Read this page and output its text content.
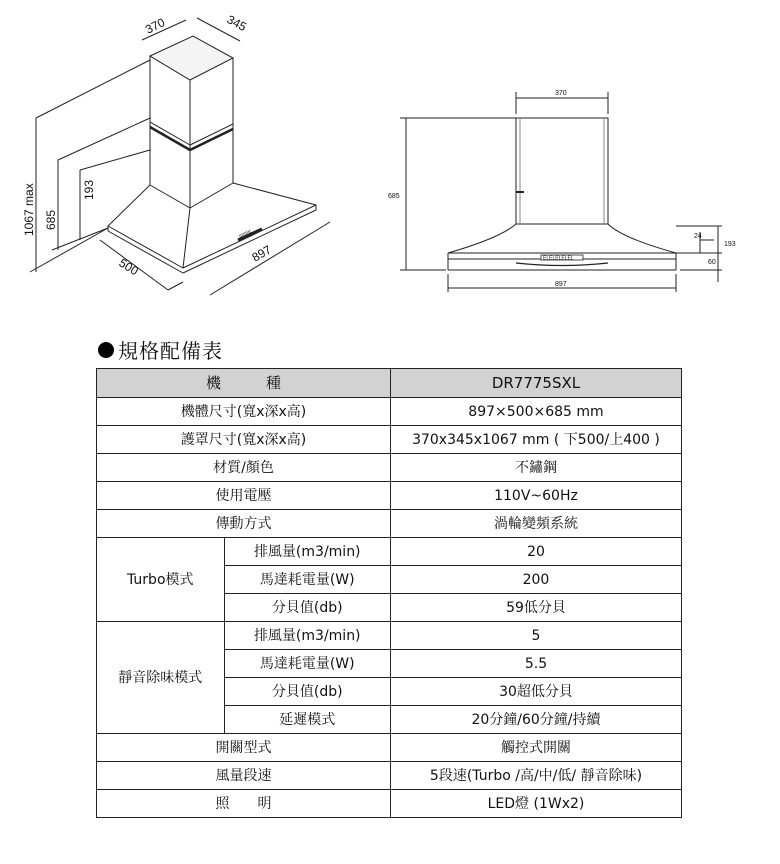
370	345
1067 max 685
193
500
897
IIIIIIIII
370
685
24
193
60
897
ELELELELEL
規格配備表
機　　　種		DR7775SXL
機體尺寸(寬x深x高)		897×500×685 mm
護罩尺寸(寬x深x高)		370x345x1067 mm ( 下500/上400 )
材質/顏色		不鏽鋼
使用電壓		110V~60Hz
傳動方式		渦輪變頻系統
Turbo模式	排風量(m3/min)	20
	馬達耗電量(W)	200
	分貝值(db)	59低分貝
靜音除味模式	排風量(m3/min)	5
	馬達耗電量(W)	5.5
	分貝值(db)	30超低分貝
	延遲模式	20分鐘/60分鐘/持續
開關型式		觸控式開關
風量段速		5段速(Turbo /高/中/低/ 靜音除味)
照　　明		LED燈 (1Wx2)
